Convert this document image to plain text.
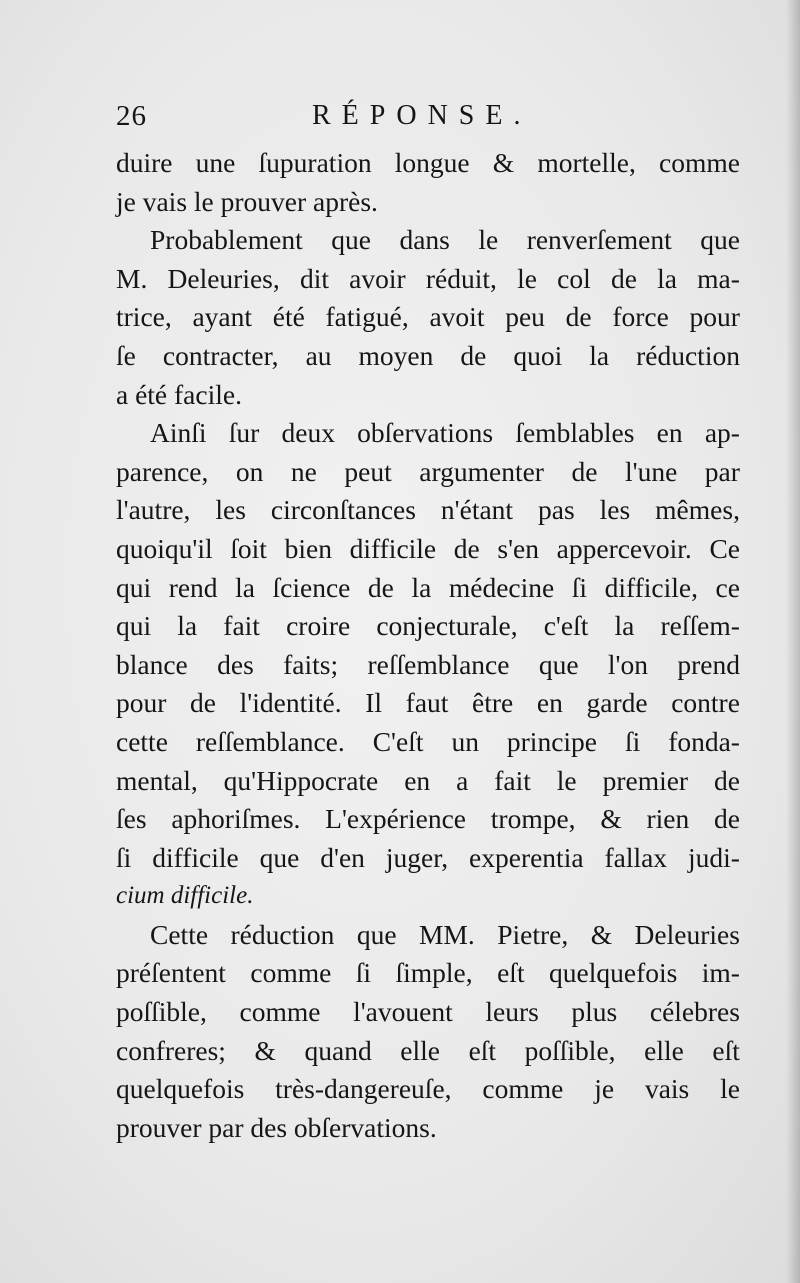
26	RÉPONSE.
duire une ſupuration longue & mortelle, comme
je vais le prouver après.
Probablement que dans le renverſement que
M. Deleuries, dit avoir réduit, le col de la ma-
trice, ayant été fatigué, avoit peu de force pour
ſe contracter, au moyen de quoi la réduction
a été facile.
Ainſi ſur deux obſervations ſemblables en ap-
parence, on ne peut argumenter de l'une par
l'autre, les circonſtances n'étant pas les mêmes,
quoiqu'il ſoit bien difficile de s'en appercevoir. Ce
qui rend la ſcience de la médecine ſi difficile, ce
qui la fait croire conjecturale, c'eſt la reſſem-
blance des faits; reſſemblance que l'on prend
pour de l'identité. Il faut être en garde contre
cette reſſemblance. C'eſt un principe ſi fonda-
mental, qu'Hippocrate en a fait le premier de
ſes aphoriſmes. L'expérience trompe, & rien de
ſi difficile que d'en juger, experentia fallax judi-
cium difficile.
Cette réduction que MM. Pietre, & Deleuries
préſentent comme ſi ſimple, eſt quelquefois im-
poſſible, comme l'avouent leurs plus célebres
confreres; & quand elle eſt poſſible, elle eſt
quelquefois très-dangereuſe, comme je vais le
prouver par des obſervations.
